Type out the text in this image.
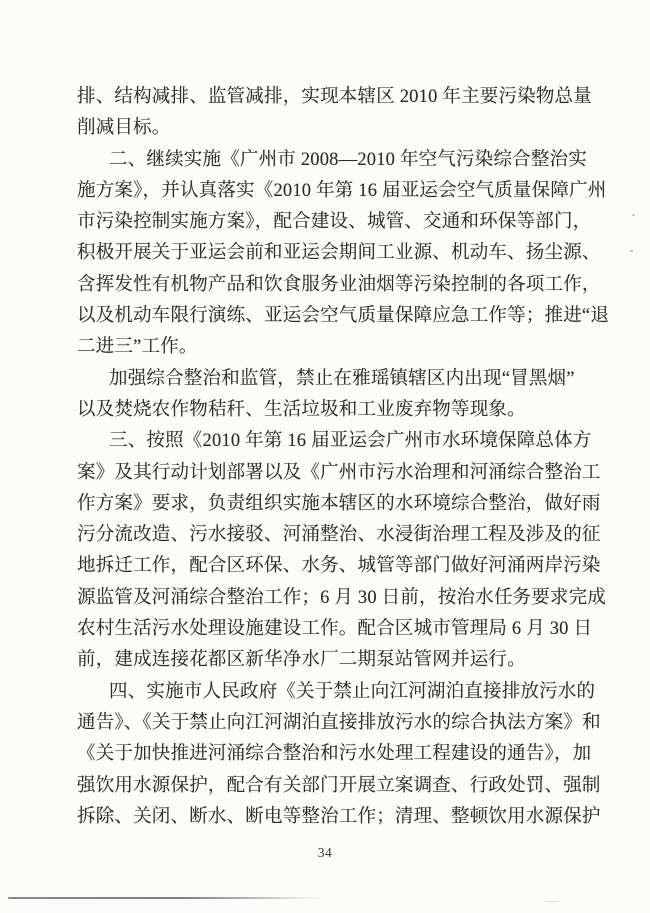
排、结构减排、监管减排，实现本辖区 2010 年主要污染物总量
削减目标。
二、继续实施《广州市 2008—2010 年空气污染综合整治实
施方案》，并认真落实《2010 年第 16 届亚运会空气质量保障广州
市污染控制实施方案》，配合建设、城管、交通和环保等部门，
积极开展关于亚运会前和亚运会期间工业源、机动车、扬尘源、
含挥发性有机物产品和饮食服务业油烟等污染控制的各项工作，
以及机动车限行演练、亚运会空气质量保障应急工作等；推进“退
二进三”工作。
加强综合整治和监管，禁止在雅瑶镇辖区内出现“冒黑烟”
以及焚烧农作物秸秆、生活垃圾和工业废弃物等现象。
三、按照《2010 年第 16 届亚运会广州市水环境保障总体方
案》及其行动计划部署以及《广州市污水治理和河涌综合整治工
作方案》要求，负责组织实施本辖区的水环境综合整治，做好雨
污分流改造、污水接驳、河涌整治、水浸街治理工程及涉及的征
地拆迁工作，配合区环保、水务、城管等部门做好河涌两岸污染
源监管及河涌综合整治工作；6 月 30 日前，按治水任务要求完成
农村生活污水处理设施建设工作。配合区城市管理局 6 月 30 日
前，建成连接花都区新华净水厂二期泵站管网并运行。
四、实施市人民政府《关于禁止向江河湖泊直接排放污水的
通告》、《关于禁止向江河湖泊直接排放污水的综合执法方案》和
《关于加快推进河涌综合整治和污水处理工程建设的通告》，加
强饮用水源保护，配合有关部门开展立案调查、行政处罚、强制
拆除、关闭、断水、断电等整治工作；清理、整顿饮用水源保护
34
